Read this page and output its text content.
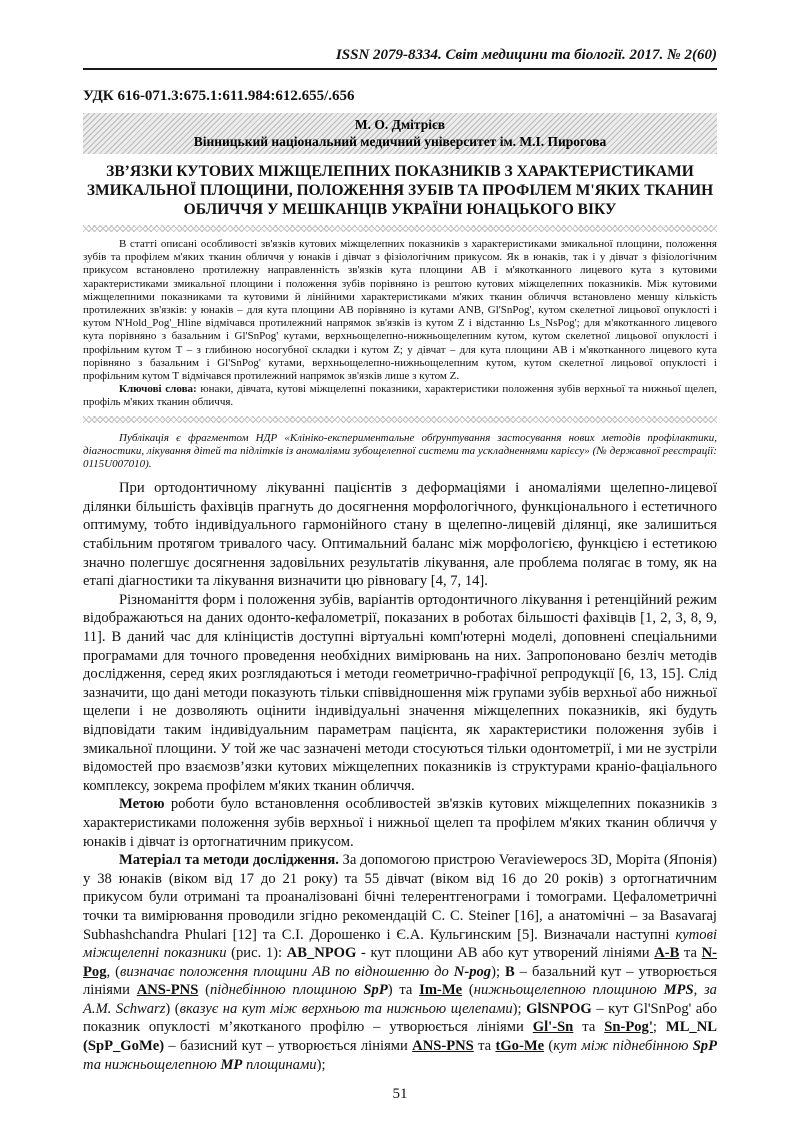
ISSN 2079-8334. Світ медицини та біології. 2017. № 2(60)
УДК 616-071.3:675.1:611.984:612.655/.656
М. О. Дмітрієв
Вінницький національний медичний університет ім. М.І. Пирогова
ЗВ’ЯЗКИ КУТОВИХ МІЖЩЕЛЕПНИХ ПОКАЗНИКІВ З ХАРАКТЕРИСТИКАМИ ЗМИКАЛЬНОЇ ПЛОЩИНИ, ПОЛОЖЕННЯ ЗУБІВ ТА ПРОФІЛЕМ М'ЯКИХ ТКАНИН ОБЛИЧЧЯ У МЕШКАНЦІВ УКРАЇНИ ЮНАЦЬКОГО ВІКУ

В статті описані особливості зв'язків кутових міжщелепних показників з характеристиками змикальної площини, положення зубів та профілем м'яких тканин обличчя у юнаків і дівчат з фізіологічним прикусом. Як в юнаків, так і у дівчат з фізіологічним прикусом встановлено протилежну направленність зв'язків кута площини АВ і м'якотканного лицевого кута з кутовими характеристиками змикальної площини і положення зубів порівняно із рештою кутових міжщелепних показників. Між кутовими міжщелепними показниками та кутовими й лінійними характеристиками м'яких тканин обличчя встановлено меншу кількість протилежних зв'язків: у юнаків – для кута площини АВ порівняно із кутами ANB, Gl'SnPog', кутом скелетної лицьової опуклості і кутом N'Hold_Pog'_Hline відмічався протилежний напрямок зв'язків із кутом Z і відстанню Ls_NsPog'; для м'якотканного лицевого кута порівняно з базальним і Gl'SnPog' кутами, верхньощелепно-нижньощелепним кутом, кутом скелетної лицьової опуклості і профільним кутом Т – з глибиною носогубної складки і кутом Z; у дівчат – для кута площини АВ і м'якотканного лицевого кута порівняно з базальним і Gl'SnPog' кутами, верхньощелепно-нижньощелепним кутом, кутом скелетної лицьової опуклості і профільним кутом Т відмічався протилежний напрямок зв'язків лише з кутом Z.

Ключові слова: юнаки, дівчата, кутові міжщелепні показники, характеристики положення зубів верхньої та нижньої щелеп, профіль м'яких тканин обличчя.

Публікація є фрагментом НДР «Клініко-експериментальне обґрунтування застосування нових методів профілактики, діагностики, лікування дітей та підлітків із аномаліями зубощелепної системи та ускладненнями карієсу» (№ державної реєстрації: 0115U007010).

При ортодонтичному лікуванні пацієнтів з деформаціями і аномаліями щелепно-лицевої ділянки більшість фахівців прагнуть до досягнення морфологічного, функціонального і естетичного оптимуму, тобто індивідуального гармонійного стану в щелепно-лицевій ділянці, яке залишиться стабільним протягом тривалого часу. Оптимальний баланс між морфологією, функцією і естетикою значно полегшує досягнення задовільних результатів лікування, але проблема полягає в тому, як на етапі діагностики та лікування визначити цю рівновагу [4, 7, 14].

Різноманіття форм і положення зубів, варіантів ортодонтичного лікування і ретенційний режим відображаються на даних одонто-кефалометрії, показаних в роботах більшості фахівців [1, 2, 3, 8, 9, 11]. В даний час для клініцистів доступні віртуальні комп'ютерні моделі, доповнені спеціальними програмами для точного проведення необхідних вимірювань на них. Запропоновано безліч методів дослідження, серед яких розглядаються і методи геометрично-графічної репродукції [6, 13, 15]. Слід зазначити, що дані методи показують тільки співвідношення між групами зубів верхньої або нижньої щелепи і не дозволяють оцінити індивідуальні значення міжщелепних показників, які будуть відповідати таким індивідуальним параметрам пацієнта, як характеристики положення зубів і змикальної площини. У той же час зазначені методи стосуються тільки одонтометрії, і ми не зустріли відомостей про взаємозв’язки кутових міжщелепних показників із структурами краніо-фаціального комплексу, зокрема профілем м'яких тканин обличчя.

Метою роботи було встановлення особливостей зв'язків кутових міжщелепних показників з характеристиками положення зубів верхньої і нижньої щелеп та профілем м'яких тканин обличчя у юнаків і дівчат із ортогнатичним прикусом.

Матеріал та методи дослідження. За допомогою пристрою Veraviewepocs 3D, Моріта (Японія) у 38 юнаків (віком від 17 до 21 року) та 55 дівчат (віком від 16 до 20 років) з ортогнатичним прикусом були отримані та проаналізовані бічні телерентгенограми і томограми. Цефалометричні точки та вимірювання проводили згідно рекомендацій С. С. Steiner [16], а анатомічні – за Basavaraj Subhashchandra Phulari [12] та С.І. Дорошенко і Є.А. Кульгинским [5]. Визначали наступні кутові міжщелепні показники (рис. 1): AB_NPOG - кут площини АВ або кут утворений лініями A-B та N-Pog, (визначає положення площини АВ по відношенню до N-pog); B – базальний кут – утворюється лініями ANS-PNS (піднебінною площиною SpP) та Im-Me (нижньощелепною площиною MPS, за A.M. Schwarz) (вказує на кут між верхньою та нижньою щелепами); GlSNPOG – кут Gl'SnPog' або показник опуклості м’якотканого профілю – утворюється лініями Gl'-Sn та Sn-Pog'; ML_NL (SpP_GoMe) – базисний кут – утворюється лініями ANS-PNS та tGo-Me (кут між піднебінною SpP та нижньощелепною MP площинами);

51
